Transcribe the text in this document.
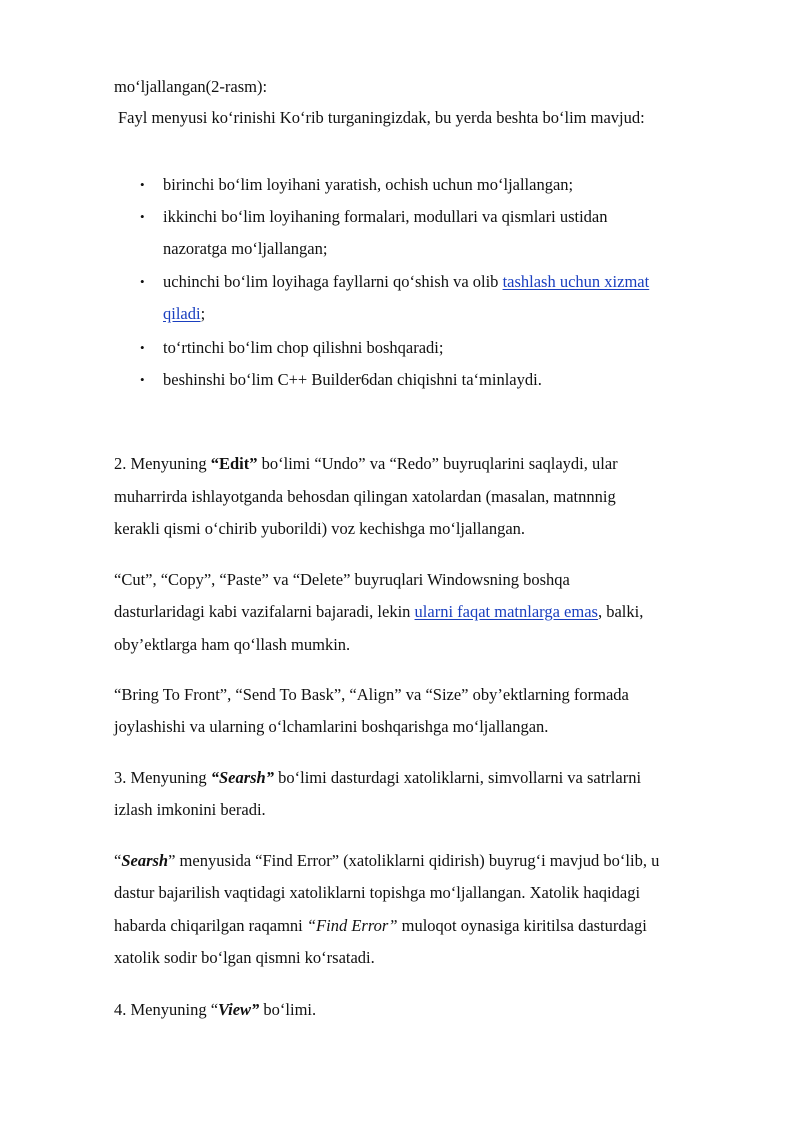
mo‘ljallangan(2-rasm):
Fayl menyusi ko‘rinishi Ko‘rib turganingizdak, bu yerda beshta bo‘lim mavjud:
• birinchi bo‘lim loyihani yaratish, ochish uchun mo‘ljallangan;
• ikkinchi bo‘lim loyihaning formalari, modullari va qismlari ustidan
nazoratga mo‘ljallangan;
• uchinchi bo‘lim loyihaga fayllarni qo‘shish va olib tashlash uchun xizmat
qiladi;
• to‘rtinchi bo‘lim chop qilishni boshqaradi;
• beshinshi bo‘lim C++ Builder6dan chiqishni ta‘minlaydi.
2. Menyuning “Edit” bo‘limi “Undo” va “Redo” buyruqlarini saqlaydi, ular
muharrirda ishlayotganda behosdan qilingan xatolardan (masalan, matnnnig
kerakli qismi o‘chirib yuborildi) voz kechishga mo‘ljallangan.
“Cut”, “Copy”, “Paste” va “Delete” buyruqlari Windowsning boshqa
dasturlaridagi kabi vazifalarni bajaradi, lekin ularni faqat matnlarga emas, balki,
oby’ektlarga ham qo‘llash mumkin.
“Bring To Front”, “Send To Bask”, “Align” va “Size” oby’ektlarning formada
joylashishi va ularning o‘lchamlarini boshqarishga mo‘ljallangan.
3. Menyuning “Searsh” bo‘limi dasturdagi xatoliklarni, simvollarni va satrlarni
izlash imkonini beradi.
“Searsh” menyusida “Find Error” (xatoliklarni qidirish) buyrug‘i mavjud bo‘lib, u
dastur bajarilish vaqtidagi xatoliklarni topishga mo‘ljallangan. Xatolik haqidagi
habarda chiqarilgan raqamni “Find Error” muloqot oynasiga kiritilsa dasturdagi
xatolik sodir bo‘lgan qismni ko‘rsatadi.
4. Menyuning “View” bo‘limi.
